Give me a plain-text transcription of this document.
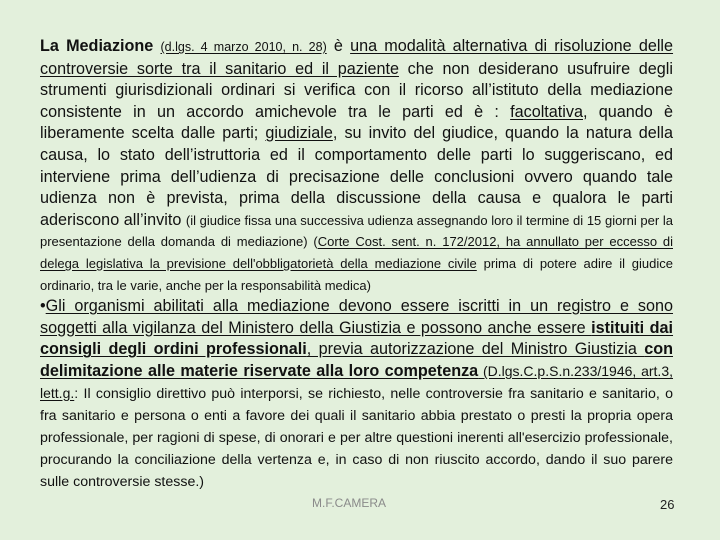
La Mediazione (d.lgs. 4 marzo 2010, n. 28) è una modalità alternativa di risoluzione delle controversie sorte tra il sanitario ed il paziente che non desiderano usufruire degli strumenti giurisdizionali ordinari si verifica con il ricorso all’istituto della mediazione consistente in un accordo amichevole tra le parti ed è : facoltativa, quando è liberamente scelta dalle parti; giudiziale, su invito del giudice, quando la natura della causa, lo stato dell’istruttoria ed il comportamento delle parti lo suggeriscano, ed interviene prima dell’udienza di precisazione delle conclusioni ovvero quando tale udienza non è prevista, prima della discussione della causa e qualora le parti aderiscono all’invito (il giudice fissa una successiva udienza assegnando loro il termine di 15 giorni per la presentazione della domanda di mediazione) (Corte Cost. sent. n. 172/2012, ha annullato per eccesso di delega legislativa la previsione dell'obbligatorietà della mediazione civile prima di potere adire il giudice ordinario, tra le varie, anche per la responsabilità medica)

•Gli organismi abilitati alla mediazione devono essere iscritti in un registro e sono soggetti alla vigilanza del Ministero della Giustizia e possono anche essere istituiti dai consigli degli ordini professionali, previa autorizzazione del Ministro Giustizia con delimitazione alle materie riservate alla loro competenza (D.lgs.C.p.S.n.233/1946, art.3, lett.g.: Il consiglio direttivo può interporsi, se richiesto, nelle controversie fra sanitario e sanitario, o fra sanitario e persona o enti a favore dei quali il sanitario abbia prestato o presti la propria opera professionale, per ragioni di spese, di onorari e per altre questioni inerenti all'esercizio professionale, procurando la conciliazione della vertenza e, in caso di non riuscito accordo, dando il suo parere sulle controversie stesse.)

M.F.CAMERA	26
